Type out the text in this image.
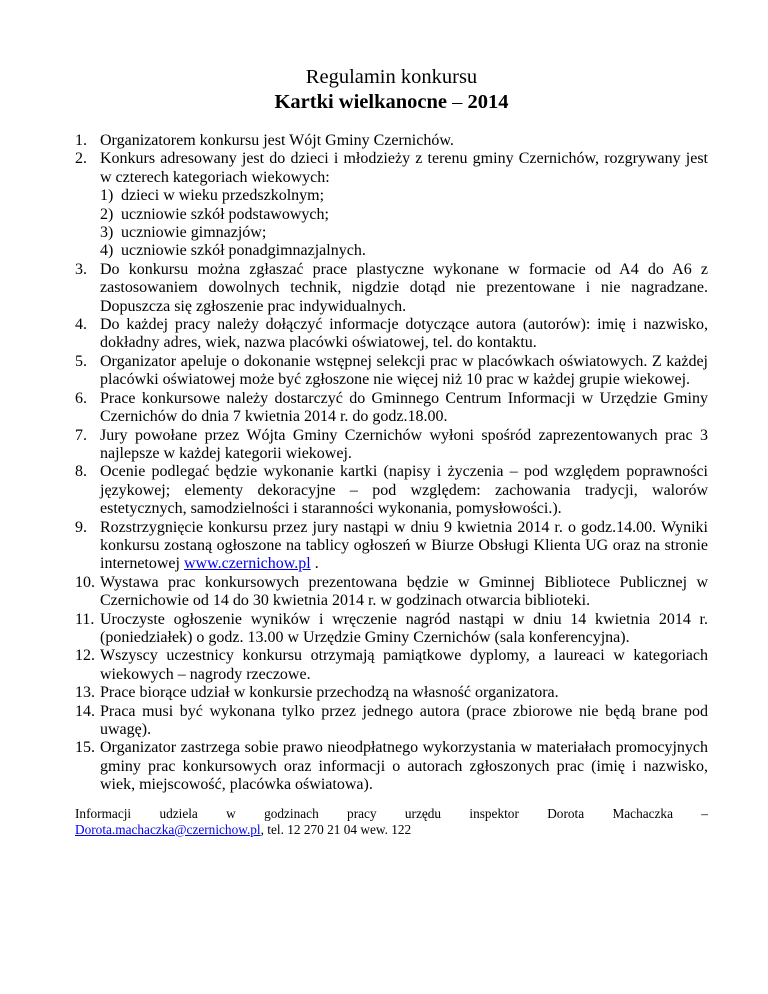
Regulamin konkursu
Kartki wielkanocne – 2014
1. Organizatorem konkursu jest Wójt Gminy Czernichów.
2. Konkurs adresowany jest do dzieci i młodzieży z terenu gminy Czernichów, rozgrywany jest w czterech kategoriach wiekowych:
1) dzieci w wieku przedszkolnym;
2) uczniowie szkół podstawowych;
3) uczniowie gimnazjów;
4) uczniowie szkół ponadgimnazjalnych.
3. Do konkursu można zgłaszać prace plastyczne wykonane w formacie od A4 do A6 z zastosowaniem dowolnych technik, nigdzie dotąd nie prezentowane i nie nagradzane. Dopuszcza się zgłoszenie prac indywidualnych.
4. Do każdej pracy należy dołączyć informacje dotyczące autora (autorów): imię i nazwisko, dokładny adres, wiek, nazwa placówki oświatowej, tel. do kontaktu.
5. Organizator apeluje o dokonanie wstępnej selekcji prac w placówkach oświatowych. Z każdej placówki oświatowej może być zgłoszone nie więcej niż 10 prac w każdej grupie wiekowej.
6. Prace konkursowe należy dostarczyć do Gminnego Centrum Informacji w Urzędzie Gminy Czernichów do dnia 7 kwietnia 2014 r. do godz.18.00.
7. Jury powołane przez Wójta Gminy Czernichów wyłoni spośród zaprezentowanych prac 3 najlepsze w każdej kategorii wiekowej.
8. Ocenie podlegać będzie wykonanie kartki (napisy i życzenia – pod względem poprawności językowej; elementy dekoracyjne – pod względem: zachowania tradycji, walorów estetycznych, samodzielności i staranności wykonania, pomysłowości.).
9. Rozstrzygnięcie konkursu przez jury nastąpi w dniu 9 kwietnia 2014 r. o godz.14.00. Wyniki konkursu zostaną ogłoszone na tablicy ogłoszeń w Biurze Obsługi Klienta UG oraz na stronie internetowej www.czernichow.pl .
10. Wystawa prac konkursowych prezentowana będzie w Gminnej Bibliotece Publicznej w Czernichowie od 14 do 30 kwietnia 2014 r. w godzinach otwarcia biblioteki.
11. Uroczyste ogłoszenie wyników i wręczenie nagród nastąpi w dniu 14 kwietnia 2014 r. (poniedziałek) o godz. 13.00 w Urzędzie Gminy Czernichów (sala konferencyjna).
12. Wszyscy uczestnicy konkursu otrzymają pamiątkowe dyplomy, a laureaci w kategoriach wiekowych – nagrody rzeczowe.
13. Prace biorące udział w konkursie przechodzą na własność organizatora.
14. Praca musi być wykonana tylko przez jednego autora (prace zbiorowe nie będą brane pod uwagę).
15. Organizator zastrzega sobie prawo nieodpłatnego wykorzystania w materiałach promocyjnych gminy prac konkursowych oraz informacji o autorach zgłoszonych prac (imię i nazwisko, wiek, miejscowość, placówka oświatowa).
Informacji udziela w godzinach pracy urzędu inspektor Dorota Machaczka –
Dorota.machaczka@czernichow.pl, tel. 12 270 21 04 wew. 122
